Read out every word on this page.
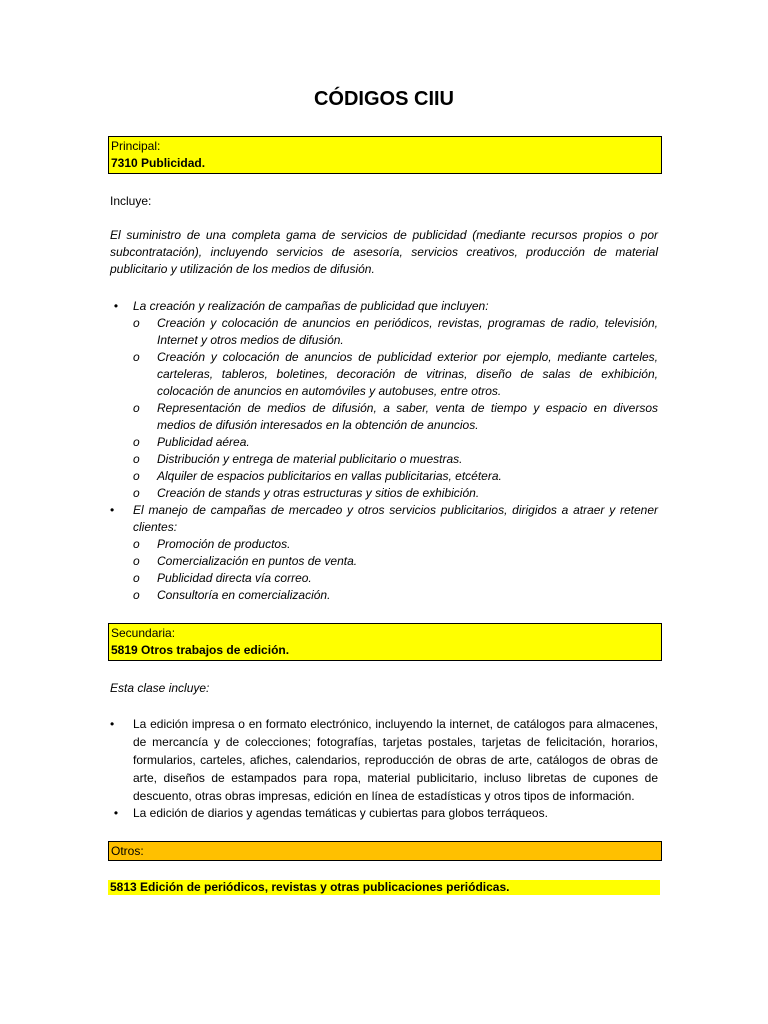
CÓDIGOS CIIU
Principal:
7310 Publicidad.
Incluye:
El suministro de una completa gama de servicios de publicidad (mediante recursos propios o por subcontratación), incluyendo servicios de asesoría, servicios creativos, producción de material publicitario y utilización de los medios de difusión.
•	La creación y realización de campañas de publicidad que incluyen:
o Creación y colocación de anuncios en periódicos, revistas, programas de radio, televisión, Internet y otros medios de difusión.
o Creación y colocación de anuncios de publicidad exterior por ejemplo, mediante carteles, carteleras, tableros, boletines, decoración de vitrinas, diseño de salas de exhibición, colocación de anuncios en automóviles y autobuses, entre otros.
o Representación de medios de difusión, a saber, venta de tiempo y espacio en diversos medios de difusión interesados en la obtención de anuncios.
o Publicidad aérea.
o Distribución y entrega de material publicitario o muestras.
o Alquiler de espacios publicitarios en vallas publicitarias, etcétera.
o Creación de stands y otras estructuras y sitios de exhibición.
•	El manejo de campañas de mercadeo y otros servicios publicitarios, dirigidos a atraer y retener clientes:
o Promoción de productos.
o Comercialización en puntos de venta.
o Publicidad directa vía correo.
o Consultoría en comercialización.
Secundaria:
5819 Otros trabajos de edición.
Esta clase incluye:
•	La edición impresa o en formato electrónico, incluyendo la internet, de catálogos para almacenes, de mercancía y de colecciones; fotografías, tarjetas postales, tarjetas de felicitación, horarios, formularios, carteles, afiches, calendarios, reproducción de obras de arte, catálogos de obras de arte, diseños de estampados para ropa, material publicitario, incluso libretas de cupones de descuento, otras obras impresas, edición en línea de estadísticas y otros tipos de información.
•	La edición de diarios y agendas temáticas y cubiertas para globos terráqueos.
Otros:
5813 Edición de periódicos, revistas y otras publicaciones periódicas.
